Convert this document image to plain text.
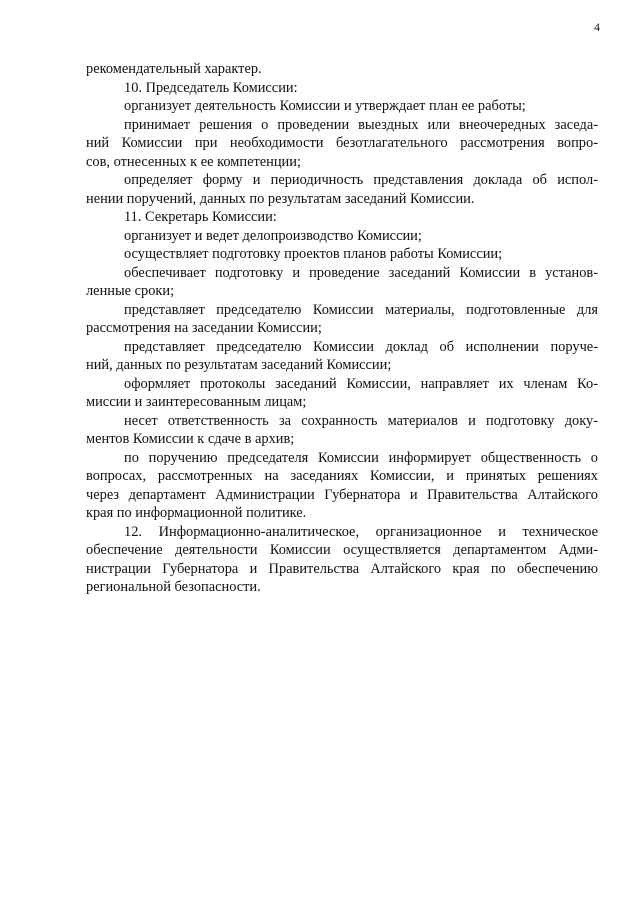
4
рекомендательный характер.
10. Председатель Комиссии:
организует деятельность Комиссии и утверждает план ее работы;
принимает решения о проведении выездных или внеочередных заседа-
ний Комиссии при необходимости безотлагательного рассмотрения вопро-
сов, отнесенных к ее компетенции;
определяет форму и периодичность представления доклада об испол-
нении поручений, данных по результатам заседаний Комиссии.
11. Секретарь Комиссии:
организует и ведет делопроизводство Комиссии;
осуществляет подготовку проектов планов работы Комиссии;
обеспечивает подготовку и проведение заседаний Комиссии в установ-
ленные сроки;
представляет председателю Комиссии материалы, подготовленные для
рассмотрения на заседании Комиссии;
представляет председателю Комиссии доклад об исполнении поруче-
ний, данных по результатам заседаний Комиссии;
оформляет протоколы заседаний Комиссии, направляет их членам Ко-
миссии и заинтересованным лицам;
несет ответственность за сохранность материалов и подготовку доку-
ментов Комиссии к сдаче в архив;
по поручению председателя Комиссии информирует общественность о
вопросах, рассмотренных на заседаниях Комиссии, и принятых решениях
через департамент Администрации Губернатора и Правительства Алтайского
края по информационной политике.
12. Информационно-аналитическое, организационное и техническое
обеспечение деятельности Комиссии осуществляется департаментом Адми-
нистрации Губернатора и Правительства Алтайского края по обеспечению
региональной безопасности.
